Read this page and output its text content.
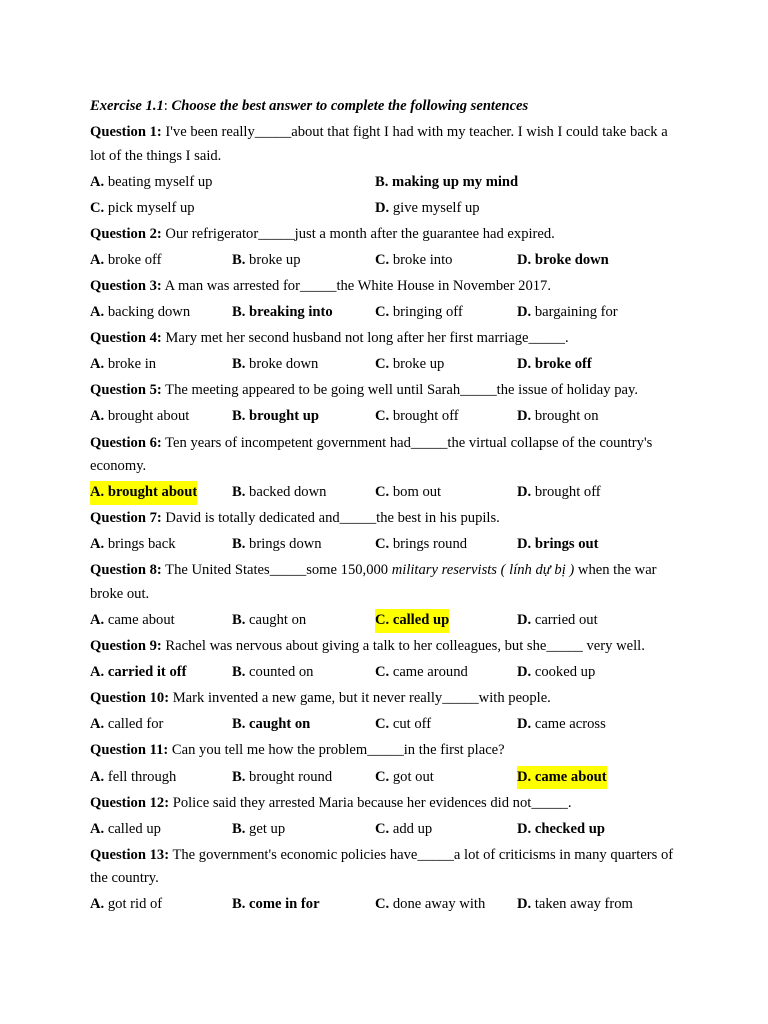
Exercise 1.1: Choose the best answer to complete the following sentences
Question 1: I've been really_____about that fight I had with my teacher. I wish I could take back a lot of the things I said.
A. beating myself up	B. making up my mind
C. pick myself up	D. give myself up
Question 2: Our refrigerator_____just a month after the guarantee had expired.
A. broke off	B. broke up	C. broke into	D. broke down
Question 3: A man was arrested for_____the White House in November 2017.
A. backing down	B. breaking into	C. bringing off	D. bargaining for
Question 4: Mary met her second husband not long after her first marriage_____.
A. broke in	B. broke down	C. broke up	D. broke off
Question 5: The meeting appeared to be going well until Sarah_____the issue of holiday pay.
A. brought about	B. brought up	C. brought off	D. brought on
Question 6: Ten years of incompetent government had_____the virtual collapse of the country's economy.
A. brought about B. backed down	C. bom out	D. brought off
Question 7: David is totally dedicated and_____the best in his pupils.
A. brings back	B. brings down	C. brings round	D. brings out
Question 8: The United States_____some 150,000 military reservists ( lính dự bị ) when the war broke out.
A. came about	B. caught on	C. called up	D. carried out
Question 9: Rachel was nervous about giving a talk to her colleagues, but she_____ very well.
A. carried it off	B. counted on	C. came around	D. cooked up
Question 10: Mark invented a new game, but it never really_____with people.
A. called for	B. caught on	C. cut off	D. came across
Question 11: Can you tell me how the problem_____in the first place?
A. fell through	B. brought round	C. got out	D. came about
Question 12: Police said they arrested Maria because her evidences did not_____.
A. called up	B. get up	C. add up	D. checked up
Question 13: The government's economic policies have_____a lot of criticisms in many quarters of the country.
A. got rid of	B. come in for	C. done away with D. taken away from
